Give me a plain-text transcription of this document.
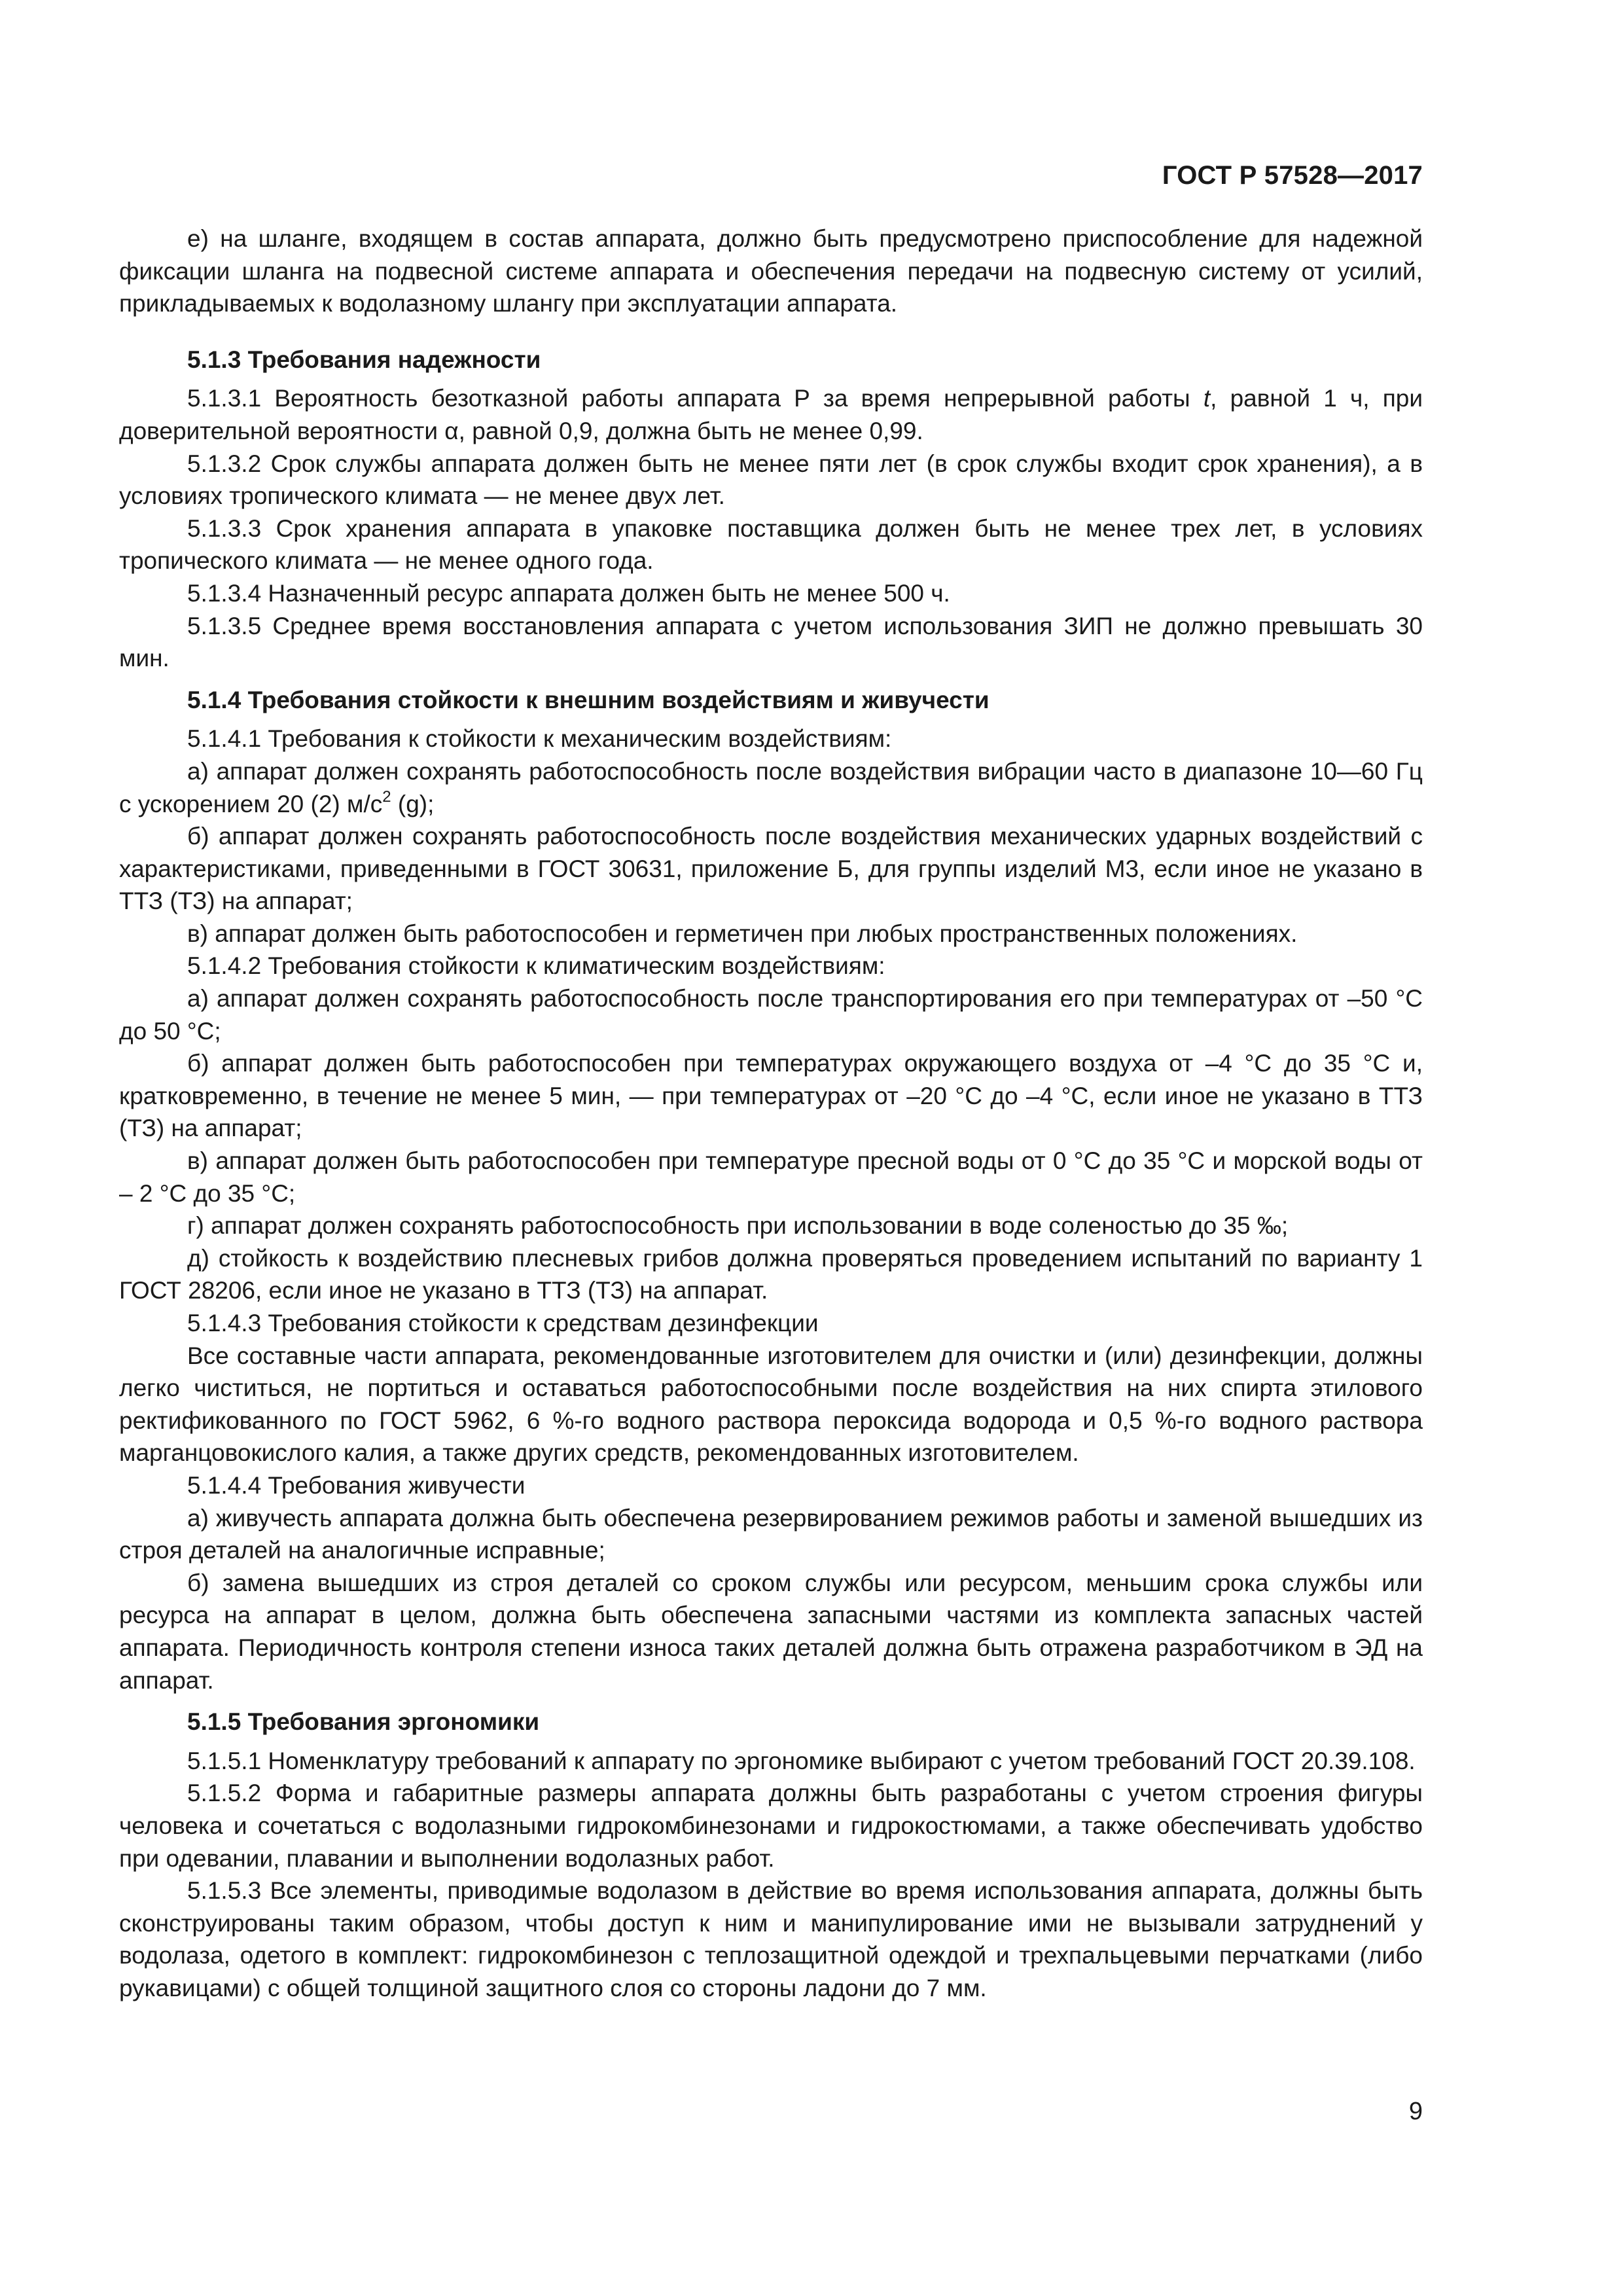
ГОСТ Р 57528—2017

е) на шланге, входящем в состав аппарата, должно быть предусмотрено приспособление для надежной фиксации шланга на подвесной системе аппарата и обеспечения передачи на подвесную систему от усилий, прикладываемых к водолазному шлангу при эксплуатации аппарата.

5.1.3 Требования надежности

5.1.3.1 Вероятность безотказной работы аппарата Р за время непрерывной работы t, равной 1 ч, при доверительной вероятности α, равной 0,9, должна быть не менее 0,99.

5.1.3.2 Срок службы аппарата должен быть не менее пяти лет (в срок службы входит срок хранения), а в условиях тропического климата — не менее двух лет.

5.1.3.3 Срок хранения аппарата в упаковке поставщика должен быть не менее трех лет, в условиях тропического климата — не менее одного года.

5.1.3.4 Назначенный ресурс аппарата должен быть не менее 500 ч.

5.1.3.5 Среднее время восстановления аппарата с учетом использования ЗИП не должно превышать 30 мин.

5.1.4 Требования стойкости к внешним воздействиям и живучести

5.1.4.1 Требования к стойкости к механическим воздействиям:

а) аппарат должен сохранять работоспособность после воздействия вибрации часто в диапазоне 10—60 Гц с ускорением 20 (2) $м/с^2$ (g);

б) аппарат должен сохранять работоспособность после воздействия механических ударных воздействий с характеристиками, приведенными в ГОСТ 30631, приложение Б, для группы изделий М3, если иное не указано в ТТЗ (ТЗ) на аппарат;

в) аппарат должен быть работоспособен и герметичен при любых пространственных положениях.

5.1.4.2 Требования стойкости к климатическим воздействиям:

а) аппарат должен сохранять работоспособность после транспортирования его при температурах от –50 °С до 50 °С;

б) аппарат должен быть работоспособен при температурах окружающего воздуха от –4 °С до 35 °С и, кратковременно, в течение не менее 5 мин, — при температурах от –20 °С до –4 °С, если иное не указано в ТТЗ (ТЗ) на аппарат;

в) аппарат должен быть работоспособен при температуре пресной воды от 0 °С до 35 °С и морской воды от – 2 °С до 35 °С;

г) аппарат должен сохранять работоспособность при использовании в воде соленостью до 35 ‰;

д) стойкость к воздействию плесневых грибов должна проверяться проведением испытаний по варианту 1 ГОСТ 28206, если иное не указано в ТТЗ (ТЗ) на аппарат.

5.1.4.3 Требования стойкости к средствам дезинфекции

Все составные части аппарата, рекомендованные изготовителем для очистки и (или) дезинфекции, должны легко чиститься, не портиться и оставаться работоспособными после воздействия на них спирта этилового ректификованного по ГОСТ 5962, 6 %-го водного раствора пероксида водорода и 0,5 %-го водного раствора марганцовокислого калия, а также других средств, рекомендованных изготовителем.

5.1.4.4 Требования живучести

а) живучесть аппарата должна быть обеспечена резервированием режимов работы и заменой вышедших из строя деталей на аналогичные исправные;

б) замена вышедших из строя деталей со сроком службы или ресурсом, меньшим срока службы или ресурса на аппарат в целом, должна быть обеспечена запасными частями из комплекта запасных частей аппарата. Периодичность контроля степени износа таких деталей должна быть отражена разработчиком в ЭД на аппарат.

5.1.5 Требования эргономики

5.1.5.1 Номенклатуру требований к аппарату по эргономике выбирают с учетом требований ГОСТ 20.39.108.

5.1.5.2 Форма и габаритные размеры аппарата должны быть разработаны с учетом строения фигуры человека и сочетаться с водолазными гидрокомбинезонами и гидрокостюмами, а также обеспечивать удобство при одевании, плавании и выполнении водолазных работ.

5.1.5.3 Все элементы, приводимые водолазом в действие во время использования аппарата, должны быть сконструированы таким образом, чтобы доступ к ним и манипулирование ими не вызывали затруднений у водолаза, одетого в комплект: гидрокомбинезон с теплозащитной одеждой и трехпальцевыми перчатками (либо рукавицами) с общей толщиной защитного слоя со стороны ладони до 7 мм.

9
